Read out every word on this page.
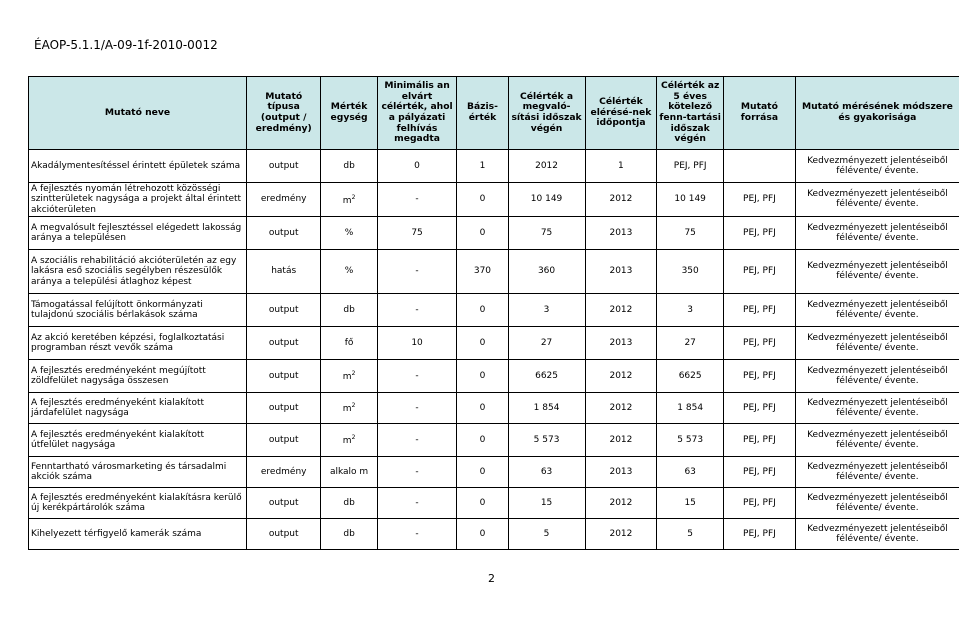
ÉAOP-5.1.1/A-09-1f-2010-0012
Mutató neve	Mutató típusa (output / eredmény)	Mérték egység	Minimális an elvárt célérték, ahol a pályázati felhívás megadta	Bázis-érték	Célérték a megvaló-sítási időszak végén	Célérték elérésé-nek időpontja	Célérték az 5 éves kötelező fenn-tartási időszak végén	Mutató forrása	Mutató mérésének módszere és gyakorisága
Akadálymentesítéssel érintett épületek száma	output	db	0	1	2012	1	PEJ, PFJ		Kedvezményezett jelentéseiből félévente/ évente.
A fejlesztés nyomán létrehozott közösségi szintterületek nagysága a projekt által érintett akcióterületen	eredmény	$m^2$	-	0	10 149	2012	10 149	PEJ, PFJ	Kedvezményezett jelentéseiből félévente/ évente.
A megvalósult fejlesztéssel elégedett lakosság aránya a településen	output	%	75	0	75	2013	75	PEJ, PFJ	Kedvezményezett jelentéseiből félévente/ évente.
A szociális rehabilitáció akcióterületén az egy lakásra eső szociális segélyben részesülők aránya a települési átlaghoz képest	hatás	%	-	370	360	2013	350	PEJ, PFJ	Kedvezményezett jelentéseiből félévente/ évente.
Támogatással felújított önkormányzati tulajdonú szociális bérlakások száma	output	db	-	0	3	2012	3	PEJ, PFJ	Kedvezményezett jelentéseiből félévente/ évente.
Az akció keretében képzési, foglalkoztatási programban részt vevők száma	output	fő	10	0	27	2013	27	PEJ, PFJ	Kedvezményezett jelentéseiből félévente/ évente.
A fejlesztés eredményeként megújított zöldfelület nagysága összesen	output	$m^2$	-	0	6625	2012	6625	PEJ, PFJ	Kedvezményezett jelentéseiből félévente/ évente.
A fejlesztés eredményeként kialakított járdafelület nagysága	output	$m^2$	-	0	1 854	2012	1 854	PEJ, PFJ	Kedvezményezett jelentéseiből félévente/ évente.
A fejlesztés eredményeként kialakított útfelület nagysága	output	$m^2$	-	0	5 573	2012	5 573	PEJ, PFJ	Kedvezményezett jelentéseiből félévente/ évente.
Fenntartható városmarketing és társadalmi akciók száma	eredmény	alkalo m	-	0	63	2013	63	PEJ, PFJ	Kedvezményezett jelentéseiből félévente/ évente.
A fejlesztés eredményeként kialakításra kerülő új kerékpártárolók száma	output	db	-	0	15	2012	15	PEJ, PFJ	Kedvezményezett jelentéseiből félévente/ évente.
Kihelyezett térfigyelő kamerák száma	output	db	-	0	5	2012	5	PEJ, PFJ	Kedvezményezett jelentéseiből félévente/ évente.
2
